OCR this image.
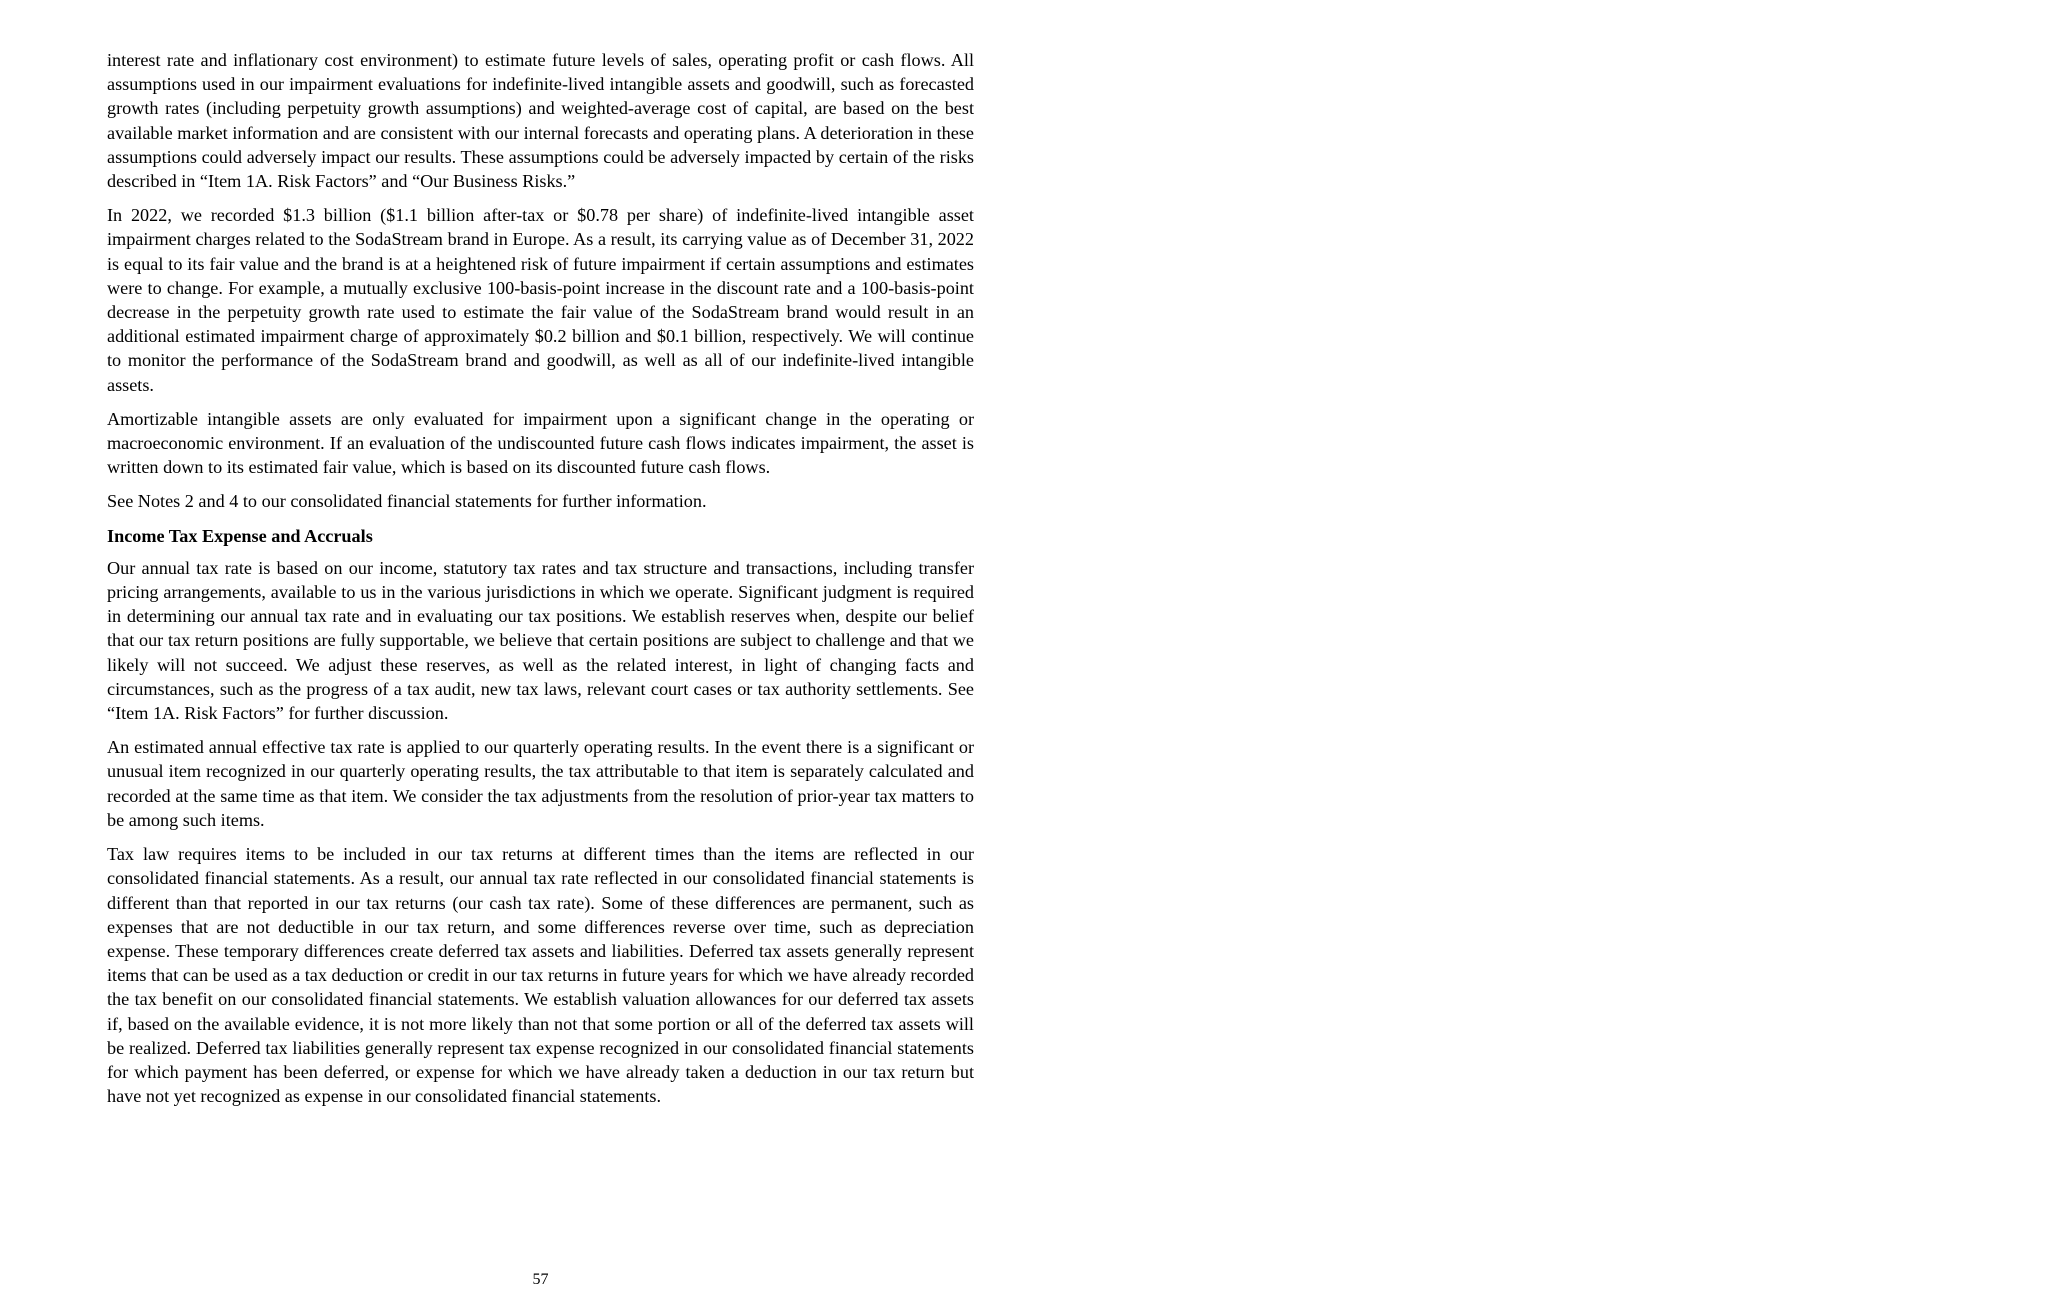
interest rate and inflationary cost environment) to estimate future levels of sales, operating profit or cash flows. All assumptions used in our impairment evaluations for indefinite-lived intangible assets and goodwill, such as forecasted growth rates (including perpetuity growth assumptions) and weighted-average cost of capital, are based on the best available market information and are consistent with our internal forecasts and operating plans. A deterioration in these assumptions could adversely impact our results. These assumptions could be adversely impacted by certain of the risks described in “Item 1A. Risk Factors” and “Our Business Risks.”

In 2022, we recorded $1.3 billion ($1.1 billion after-tax or $0.78 per share) of indefinite-lived intangible asset impairment charges related to the SodaStream brand in Europe. As a result, its carrying value as of December 31, 2022 is equal to its fair value and the brand is at a heightened risk of future impairment if certain assumptions and estimates were to change. For example, a mutually exclusive 100-basis-point increase in the discount rate and a 100-basis-point decrease in the perpetuity growth rate used to estimate the fair value of the SodaStream brand would result in an additional estimated impairment charge of approximately $0.2 billion and $0.1 billion, respectively. We will continue to monitor the performance of the SodaStream brand and goodwill, as well as all of our indefinite-lived intangible assets.

Amortizable intangible assets are only evaluated for impairment upon a significant change in the operating or macroeconomic environment. If an evaluation of the undiscounted future cash flows indicates impairment, the asset is written down to its estimated fair value, which is based on its discounted future cash flows.

See Notes 2 and 4 to our consolidated financial statements for further information.

Income Tax Expense and Accruals

Our annual tax rate is based on our income, statutory tax rates and tax structure and transactions, including transfer pricing arrangements, available to us in the various jurisdictions in which we operate. Significant judgment is required in determining our annual tax rate and in evaluating our tax positions. We establish reserves when, despite our belief that our tax return positions are fully supportable, we believe that certain positions are subject to challenge and that we likely will not succeed. We adjust these reserves, as well as the related interest, in light of changing facts and circumstances, such as the progress of a tax audit, new tax laws, relevant court cases or tax authority settlements. See “Item 1A. Risk Factors” for further discussion.

An estimated annual effective tax rate is applied to our quarterly operating results. In the event there is a significant or unusual item recognized in our quarterly operating results, the tax attributable to that item is separately calculated and recorded at the same time as that item. We consider the tax adjustments from the resolution of prior-year tax matters to be among such items.

Tax law requires items to be included in our tax returns at different times than the items are reflected in our consolidated financial statements. As a result, our annual tax rate reflected in our consolidated financial statements is different than that reported in our tax returns (our cash tax rate). Some of these differences are permanent, such as expenses that are not deductible in our tax return, and some differences reverse over time, such as depreciation expense. These temporary differences create deferred tax assets and liabilities. Deferred tax assets generally represent items that can be used as a tax deduction or credit in our tax returns in future years for which we have already recorded the tax benefit on our consolidated financial statements. We establish valuation allowances for our deferred tax assets if, based on the available evidence, it is not more likely than not that some portion or all of the deferred tax assets will be realized. Deferred tax liabilities generally represent tax expense recognized in our consolidated financial statements for which payment has been deferred, or expense for which we have already taken a deduction in our tax return but have not yet recognized as expense in our consolidated financial statements.

57
